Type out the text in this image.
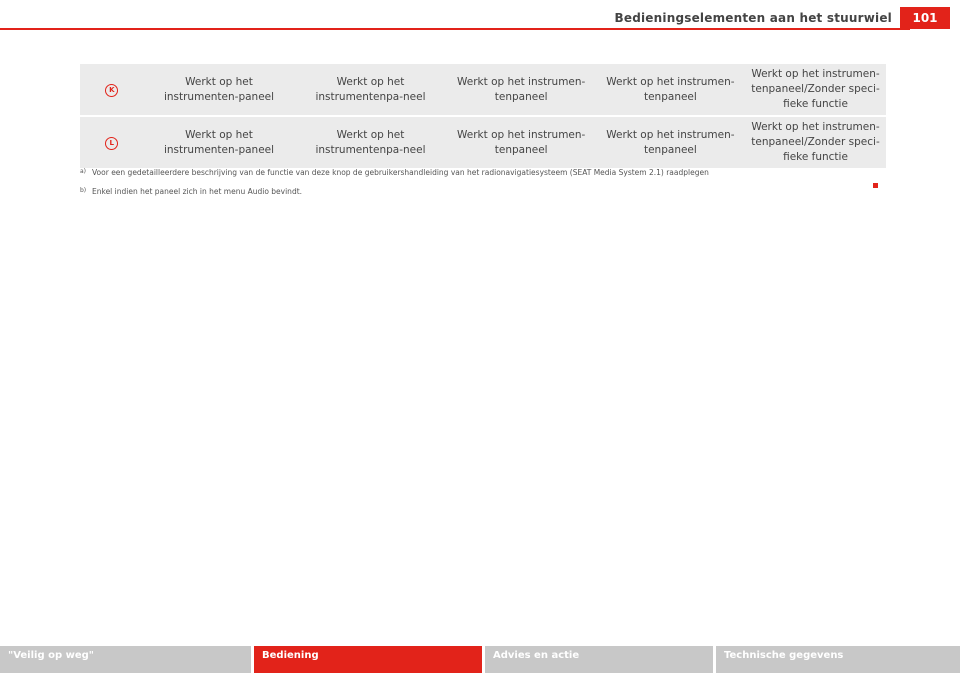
Bedieningselementen aan het stuurwiel	101
K	Werkt op het instrumenten-paneel	Werkt op het instrumentenpa-neel	Werkt op het instrumen-tenpaneel	Werkt op het instrumen-tenpaneel	Werkt op het instrumen-tenpaneel/Zonder speci-fieke functie
L	Werkt op het instrumenten-paneel	Werkt op het instrumentenpa-neel	Werkt op het instrumen-tenpaneel	Werkt op het instrumen-tenpaneel	Werkt op het instrumen-tenpaneel/Zonder speci-fieke functie
a) Voor een gedetailleerdere beschrijving van de functie van deze knop de gebruikershandleiding van het radionavigatiesysteem (SEAT Media System 2.1) raadplegen
b) Enkel indien het paneel zich in het menu Audio bevindt.
"Veilig op weg"	Bediening	Advies en actie	Technische gegevens
